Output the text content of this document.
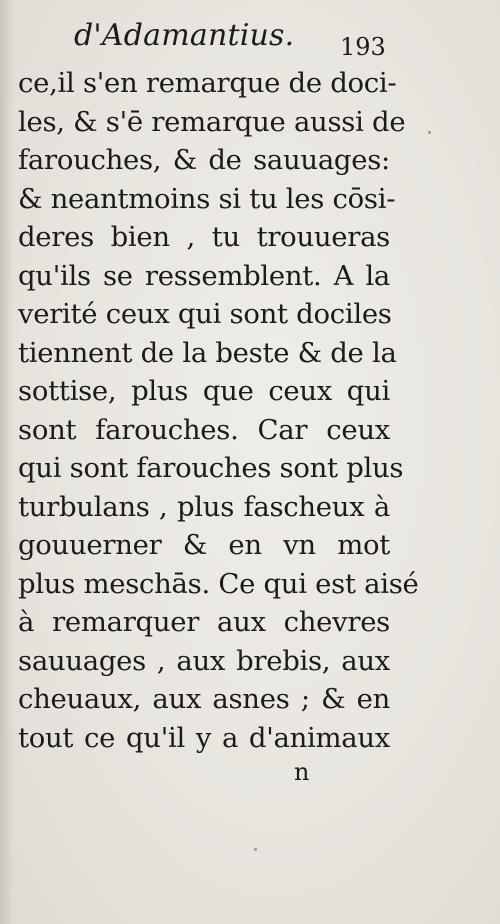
d'Adamantius. 193
ce,il s'en remarque de doci-
les, & s'ē remarque aussi de
farouches, & de sauuages:
& neantmoins si tu les cōsi-
deres bien , tu trouueras
qu'ils se ressemblent. A la
verité ceux qui sont dociles
tiennent de la beste & de la
sottise, plus que ceux qui
sont farouches. Car ceux
qui sont farouches sont plus
turbulans , plus fascheux à
gouuerner & en vn mot
plus meschās. Ce qui est aisé
à remarquer aux chevres
sauuages , aux brebis, aux
cheuaux, aux asnes ; & en
tout ce qu'il y a d'animaux
n
